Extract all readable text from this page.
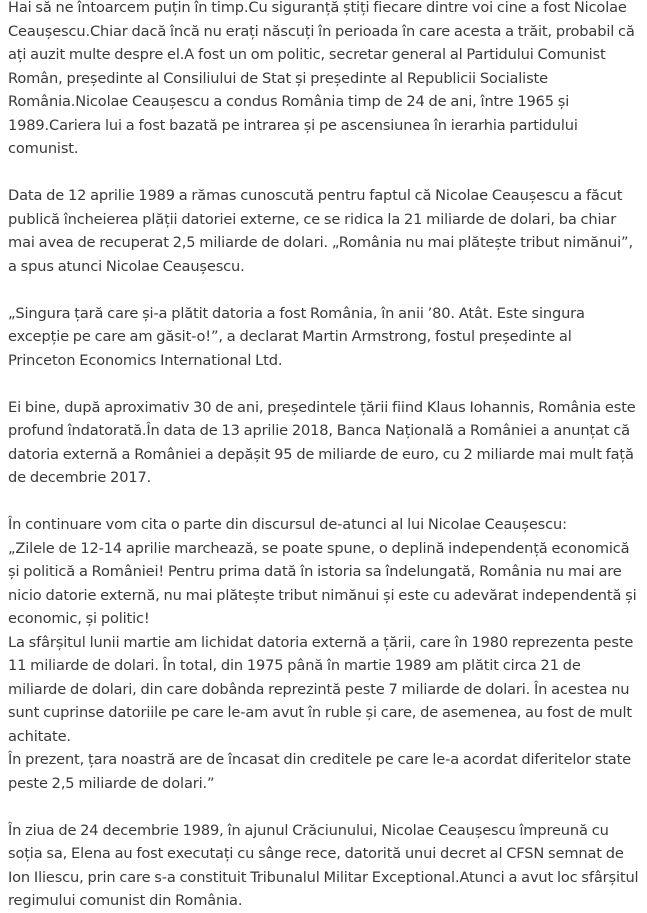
Hai să ne întoarcem puțin în timp.Cu siguranță știți fiecare dintre voi cine a fost Nicolae Ceaușescu.Chiar dacă încă nu erați născuți în perioada în care acesta a trăit, probabil că ați auzit multe despre el.A fost un om politic, secretar general al Partidului Comunist Român, președinte al Consiliului de Stat și președinte al Republicii Socialiste România.Nicolae Ceaușescu a condus România timp de 24 de ani, între 1965 și 1989.Cariera lui a fost bazată pe intrarea și pe ascensiunea în ierarhia partidului comunist.

Data de 12 aprilie 1989 a rămas cunoscută pentru faptul că Nicolae Ceaușescu a făcut publică încheierea plății datoriei externe, ce se ridica la 21 miliarde de dolari, ba chiar mai avea de recuperat 2,5 miliarde de dolari. „România nu mai plătește tribut nimănui”, a spus atunci Nicolae Ceaușescu.

„Singura țară care și-a plătit datoria a fost România, în anii ’80. Atât. Este singura excepție pe care am găsit-o!”, a declarat Martin Armstrong, fostul președinte al Princeton Economics International Ltd.

Ei bine, după aproximativ 30 de ani, președintele țării fiind Klaus Iohannis, România este profund îndatorată.În data de 13 aprilie 2018, Banca Națională a României a anunțat că datoria externă a României a depășit 95 de miliarde de euro, cu 2 miliarde mai mult față de decembrie 2017.

În continuare vom cita o parte din discursul de-atunci al lui Nicolae Ceaușescu:
„Zilele de 12-14 aprilie marchează, se poate spune, o deplină independență economică și politică a României! Pentru prima dată în istoria sa îndelungată, România nu mai are nicio datorie externă, nu mai plătește tribut nimănui și este cu adevărat independentă și economic, și politic!
La sfârșitul lunii martie am lichidat datoria externă a țării, care în 1980 reprezenta peste 11 miliarde de dolari. În total, din 1975 până în martie 1989 am plătit circa 21 de miliarde de dolari, din care dobânda reprezintă peste 7 miliarde de dolari. În acestea nu sunt cuprinse datoriile pe care le-am avut în ruble și care, de asemenea, au fost de mult achitate.
În prezent, țara noastră are de încasat din creditele pe care le-a acordat diferitelor state peste 2,5 miliarde de dolari.”

În ziua de 24 decembrie 1989, în ajunul Crăciunului, Nicolae Ceaușescu împreună cu soția sa, Elena au fost executați cu sânge rece, datorită unui decret al CFSN semnat de Ion Iliescu, prin care s-a constituit Tribunalul Militar Exceptional.Atunci a avut loc sfârșitul regimului comunist din România.
